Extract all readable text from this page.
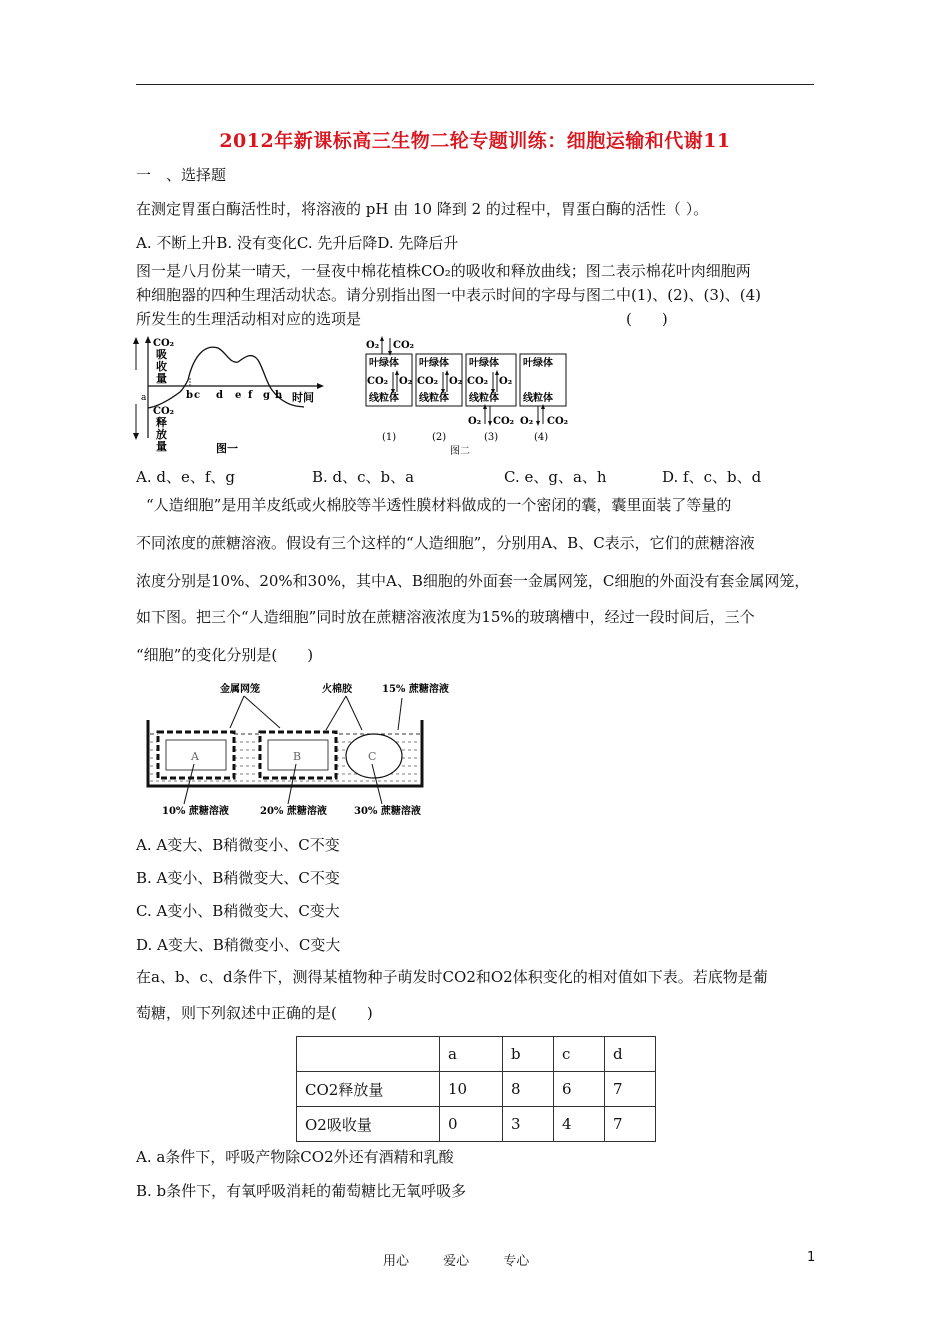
2012年新课标高三生物二轮专题训练：细胞运输和代谢11
一　、选择题
在测定胃蛋白酶活性时，将溶液的 pH 由 10 降到 2 的过程中，胃蛋白酶的活性（ ）。
A. 不断上升B. 没有变化C. 先升后降D. 先降后升
图一是八月份某一晴天，一昼夜中棉花植株CO₂的吸收和释放曲线；图二表示棉花叶肉细胞两
种细胞器的四种生理活动状态。请分别指出图一中表示时间的字母与图二中(1)、(2)、(3)、(4)
所发生的生理活动相对应的选项是	(　　)
CO₂
吸
收
量
CO₂
释
放
量
a	b c d e f g h 时间
图一
O₂ CO₂
叶绿体
CO₂ O₂
线粒体
叶绿体
CO₂ O₂
线粒体
叶绿体
CO₂ O₂
线粒体
O₂ CO₂
叶绿体
线粒体
O₂ CO₂
(1)	(2)	(3)	(4)
图二
A. d、e、f、g	B. d、c、b、a	C. e、g、a、h	D. f、c、b、d
“人造细胞”是用羊皮纸或火棉胶等半透性膜材料做成的一个密闭的囊，囊里面装了等量的
不同浓度的蔗糖溶液。假设有三个这样的“人造细胞”，分别用A、B、C表示，它们的蔗糖溶液
浓度分别是10%、20%和30%，其中A、B细胞的外面套一金属网笼，C细胞的外面没有套金属网笼，
如下图。把三个“人造细胞”同时放在蔗糖溶液浓度为15%的玻璃槽中，经过一段时间后，三个
“细胞”的变化分别是(　　)
金属网笼	火棉胶	15% 蔗糖溶液
A	B	C
10% 蔗糖溶液	20% 蔗糖溶液	30% 蔗糖溶液
A. A变大、B稍微变小、C不变
B. A变小、B稍微变大、C不变
C. A变小、B稍微变大、C变大
D. A变大、B稍微变小、C变大
在a、b、c、d条件下，测得某植物种子萌发时CO2和O2体积变化的相对值如下表。若底物是葡
萄糖，则下列叙述中正确的是(　　)
	a	b	c	d
CO2释放量	10	8	6	7
O2吸收量	0	3	4	7
A. a条件下，呼吸产物除CO2外还有酒精和乳酸
B. b条件下，有氧呼吸消耗的葡萄糖比无氧呼吸多
用心 爱心 专心	1
